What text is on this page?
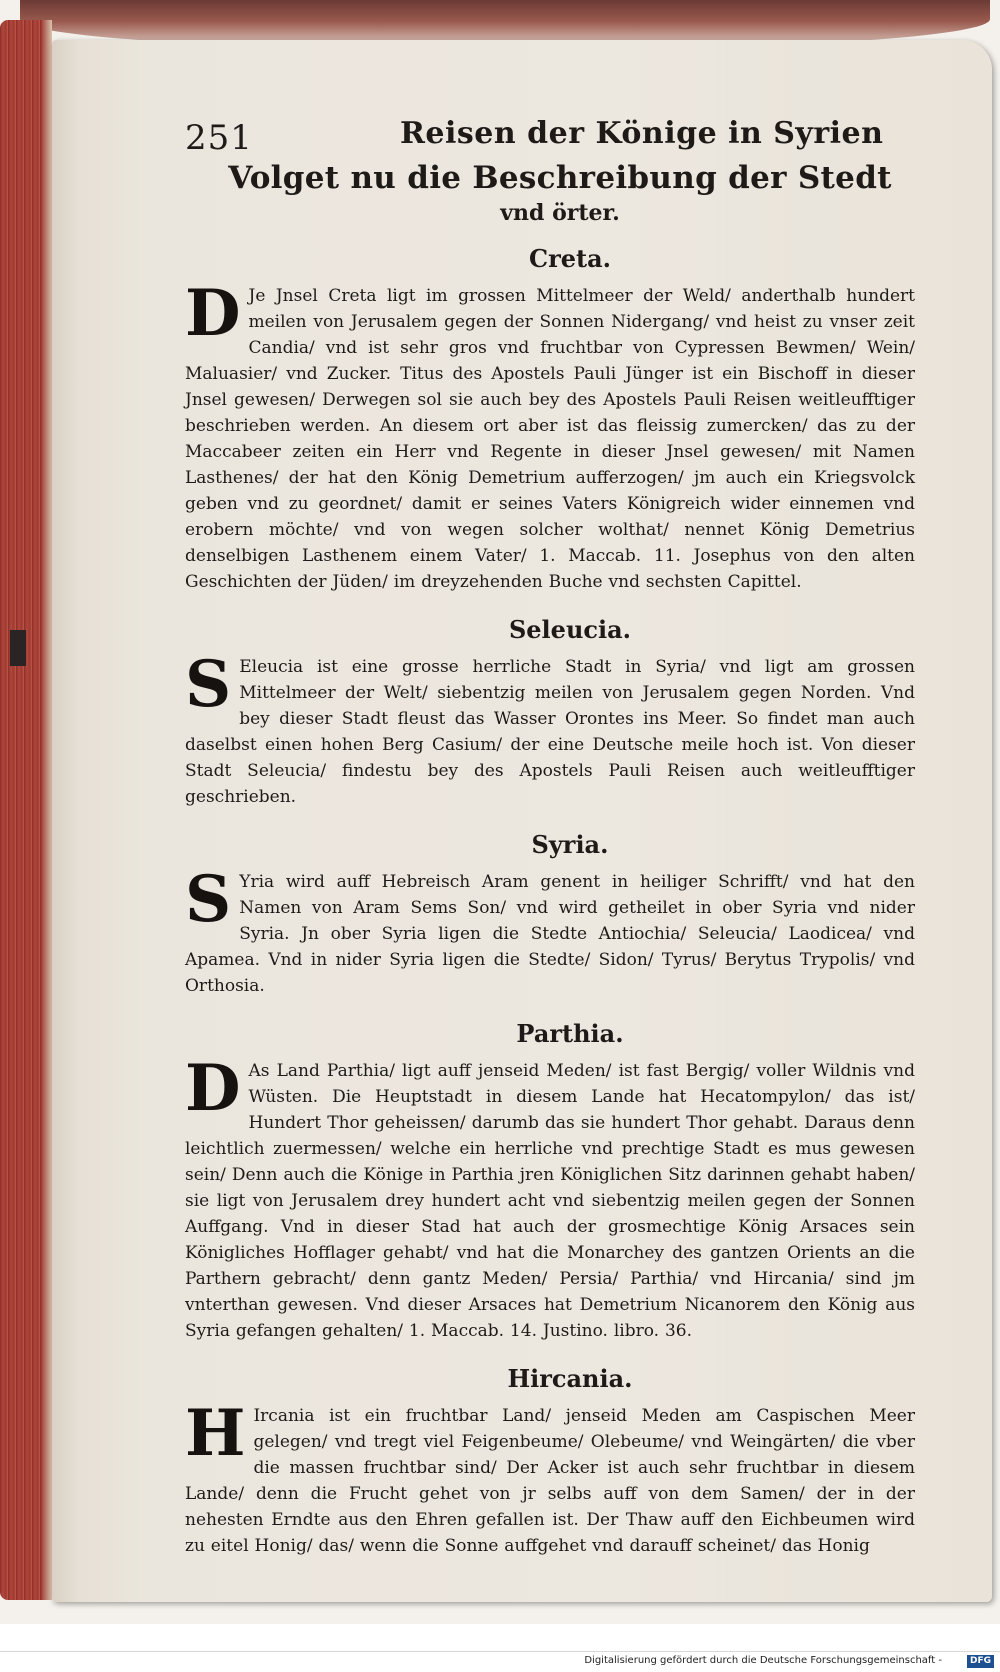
251	Reisen der Könige in Syrien
Volget nu die Beschreibung der Stedt
vnd örter.
Creta.
D Je Jnsel Creta ligt im grossen Mittelmeer der Weld/ anderthalb hundert meilen von Jerusalem gegen der Sonnen Nidergang/ vnd heist zu vnser zeit Candia/ vnd ist sehr gros vnd fruchtbar von Cypressen Bewmen/ Wein/ Maluasier/ vnd Zucker. Titus des Apostels Pauli Jünger ist ein Bischoff in dieser Jnsel gewesen/ Derwegen sol sie auch bey des Apostels Pauli Reisen weitleufftiger beschrieben werden. An diesem ort aber ist das fleissig zumercken/ das zu der Maccabeer zeiten ein Herr vnd Regente in dieser Jnsel gewesen/ mit Namen Lasthenes/ der hat den König Demetrium aufferzogen/ jm auch ein Kriegsvolck geben vnd zu geordnet/ damit er seines Vaters Königreich wider einnemen vnd erobern möchte/ vnd von wegen solcher wolthat/ nennet König Demetrius denselbigen Lasthenem einem Vater/ 1. Maccab. 11. Josephus von den alten Geschichten der Jüden/ im dreyzehenden Buche vnd sechsten Capittel.
Seleucia.
S Eleucia ist eine grosse herrliche Stadt in Syria/ vnd ligt am grossen Mittelmeer der Welt/ siebentzig meilen von Jerusalem gegen Norden. Vnd bey dieser Stadt fleust das Wasser Orontes ins Meer. So findet man auch daselbst einen hohen Berg Casium/ der eine Deutsche meile hoch ist. Von dieser Stadt Seleucia/ findestu bey des Apostels Pauli Reisen auch weitleufftiger geschrieben.
Syria.
S Yria wird auff Hebreisch Aram genent in heiliger Schrifft/ vnd hat den Namen von Aram Sems Son/ vnd wird getheilet in ober Syria vnd nider Syria. Jn ober Syria ligen die Stedte Antiochia/ Seleucia/ Laodicea/ vnd Apamea. Vnd in nider Syria ligen die Stedte/ Sidon/ Tyrus/ Berytus Trypolis/ vnd Orthosia.
Parthia.
D As Land Parthia/ ligt auff jenseid Meden/ ist fast Bergig/ voller Wildnis vnd Wüsten. Die Heuptstadt in diesem Lande hat Hecatompylon/ das ist/ Hundert Thor geheissen/ darumb das sie hundert Thor gehabt. Daraus denn leichtlich zuermessen/ welche ein herrliche vnd prechtige Stadt es mus gewesen sein/ Denn auch die Könige in Parthia jren Königlichen Sitz darinnen gehabt haben/ sie ligt von Jerusalem drey hundert acht vnd siebentzig meilen gegen der Sonnen Auffgang. Vnd in dieser Stad hat auch der grosmechtige König Arsaces sein Königliches Hofflager gehabt/ vnd hat die Monarchey des gantzen Orients an die Parthern gebracht/ denn gantz Meden/ Persia/ Parthia/ vnd Hircania/ sind jm vnterthan gewesen. Vnd dieser Arsaces hat Demetrium Nicanorem den König aus Syria gefangen gehalten/ 1. Maccab. 14. Justino. libro. 36.
Hircania.
H Ircania ist ein fruchtbar Land/ jenseid Meden am Caspischen Meer gelegen/ vnd tregt viel Feigenbeume/ Olebeume/ vnd Weingärten/ die vber die massen fruchtbar sind/ Der Acker ist auch sehr fruchtbar in diesem Lande/ denn die Frucht gehet von jr selbs auff von dem Samen/ der in der nehesten Erndte aus den Ehren gefallen ist. Der Thaw auff den Eichbeumen wird zu eitel Honig/ das/ wenn die Sonne auffgehet vnd darauff scheinet/ das Honig
Digitalisierung gefördert durch die Deutsche Forschungsgemeinschaft -	DFG
